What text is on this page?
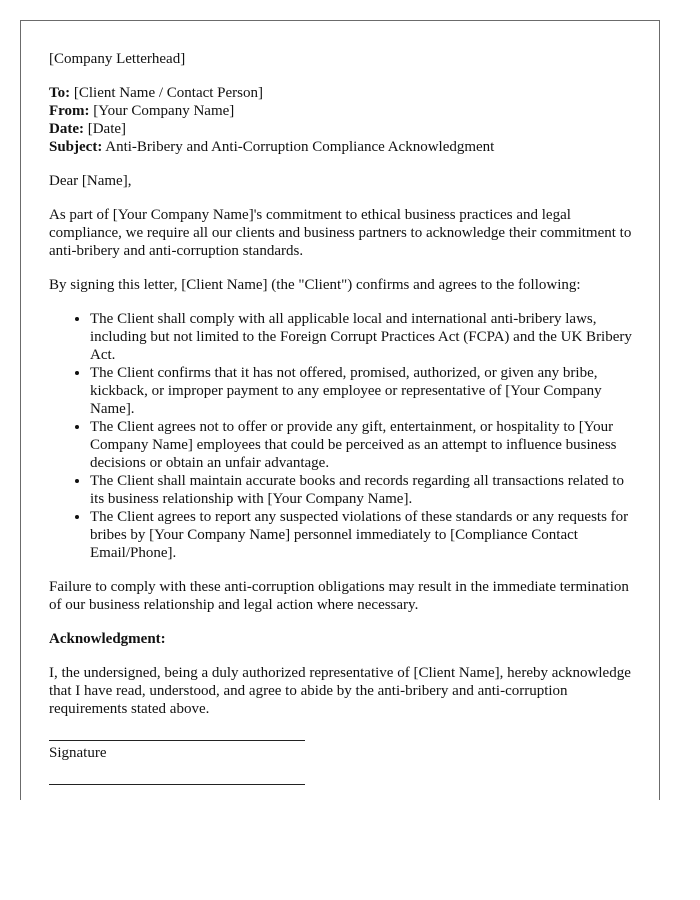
[Company Letterhead]

To: [Client Name / Contact Person]

From: [Your Company Name]

Date: [Date]

Subject: Anti-Bribery and Anti-Corruption Compliance Acknowledgment

Dear [Name],

As part of [Your Company Name]'s commitment to ethical business practices and legal compliance, we require all our clients and business partners to acknowledge their commitment to anti-bribery and anti-corruption standards.

By signing this letter, [Client Name] (the "Client") confirms and agrees to the following:

• The Client shall comply with all applicable local and international anti-bribery laws, including but not limited to the Foreign Corrupt Practices Act (FCPA) and the UK Bribery Act.
• The Client confirms that it has not offered, promised, authorized, or given any bribe, kickback, or improper payment to any employee or representative of [Your Company Name].
• The Client agrees not to offer or provide any gift, entertainment, or hospitality to [Your Company Name] employees that could be perceived as an attempt to influence business decisions or obtain an unfair advantage.
• The Client shall maintain accurate books and records regarding all transactions related to its business relationship with [Your Company Name].
• The Client agrees to report any suspected violations of these standards or any requests for bribes by [Your Company Name] personnel immediately to [Compliance Contact Email/Phone].

Failure to comply with these anti-corruption obligations may result in the immediate termination of our business relationship and legal action where necessary.

Acknowledgment:

I, the undersigned, being a duly authorized representative of [Client Name], hereby acknowledge that I have read, understood, and agree to abide by the anti-bribery and anti-corruption requirements stated above.

Signature
